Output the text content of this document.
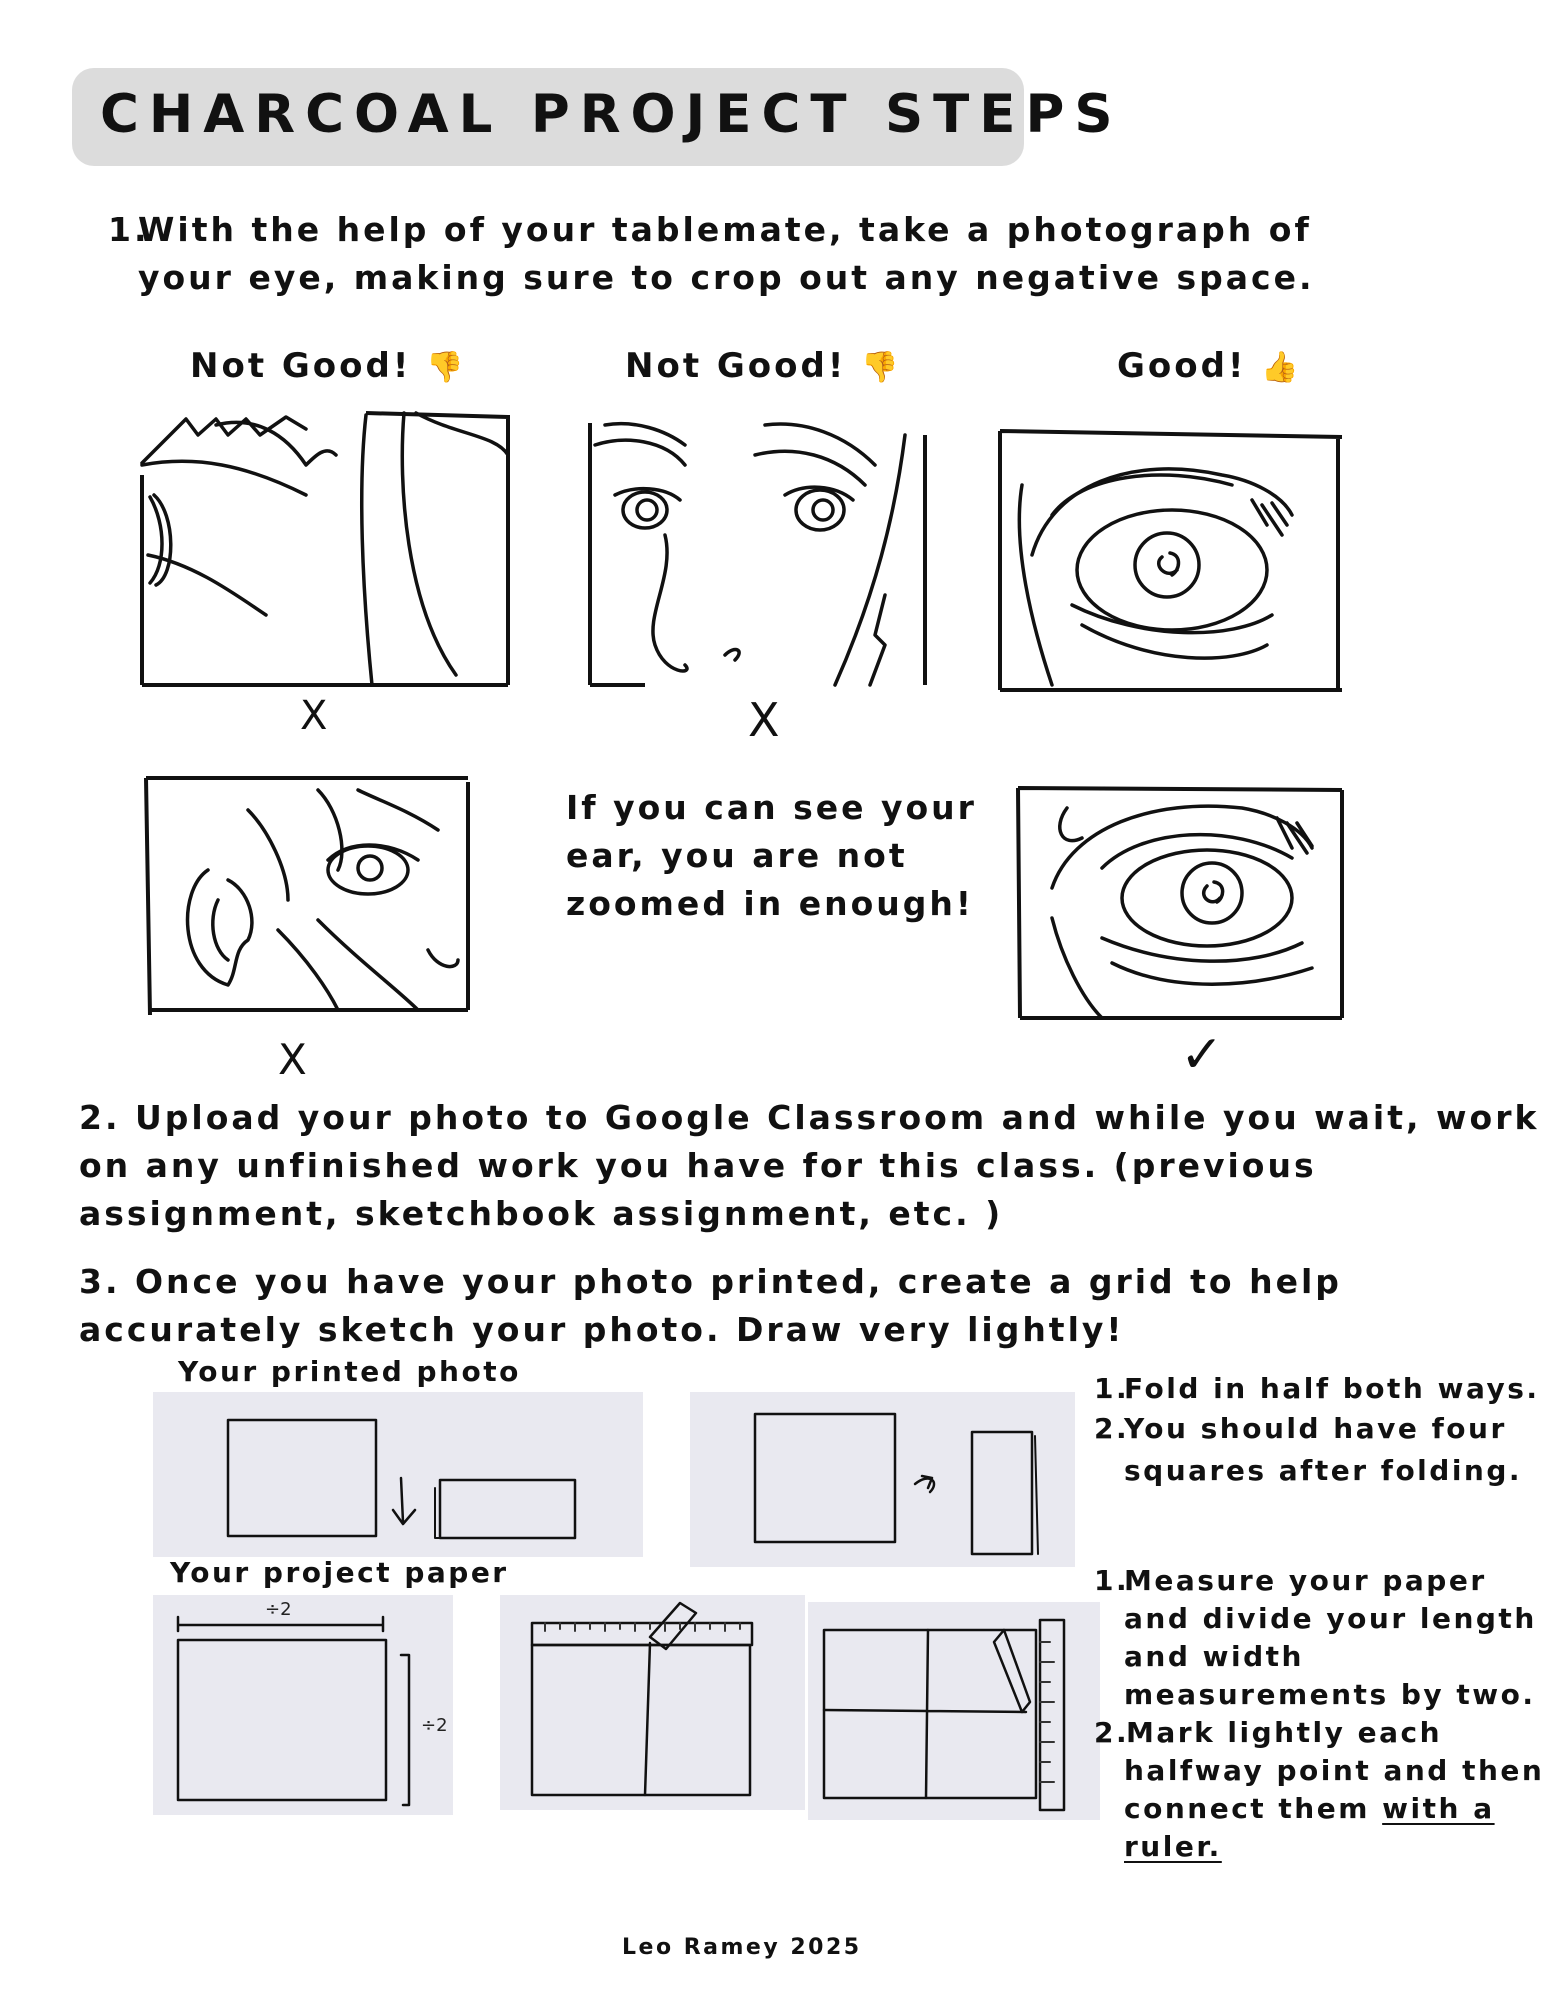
CHARCOAL PROJECT STEPS
1.
With the help of your tablemate, take a photograph of
your eye, making sure to crop out any negative space.
Not Good! 👎	Not Good! 👎	Good! 👍
X	X
If you can see your
ear, you are not
zoomed in enough!
X	✓
2. Upload your photo to Google Classroom and while you wait, work
on any unfinished work you have for this class. (previous
assignment, sketchbook assignment, etc. )
3. Once you have your photo printed, create a grid to help
accurately sketch your photo. Draw very lightly!
Your printed photo
1.
Fold in half both ways.
2.
You should have four
squares after folding.
Your project paper
÷2
÷2
1.
Measure your paper
and divide your length
and width
measurements by two.
2.
Mark lightly each
halfway point and then
connect them with a
ruler.
Leo Ramey 2025
